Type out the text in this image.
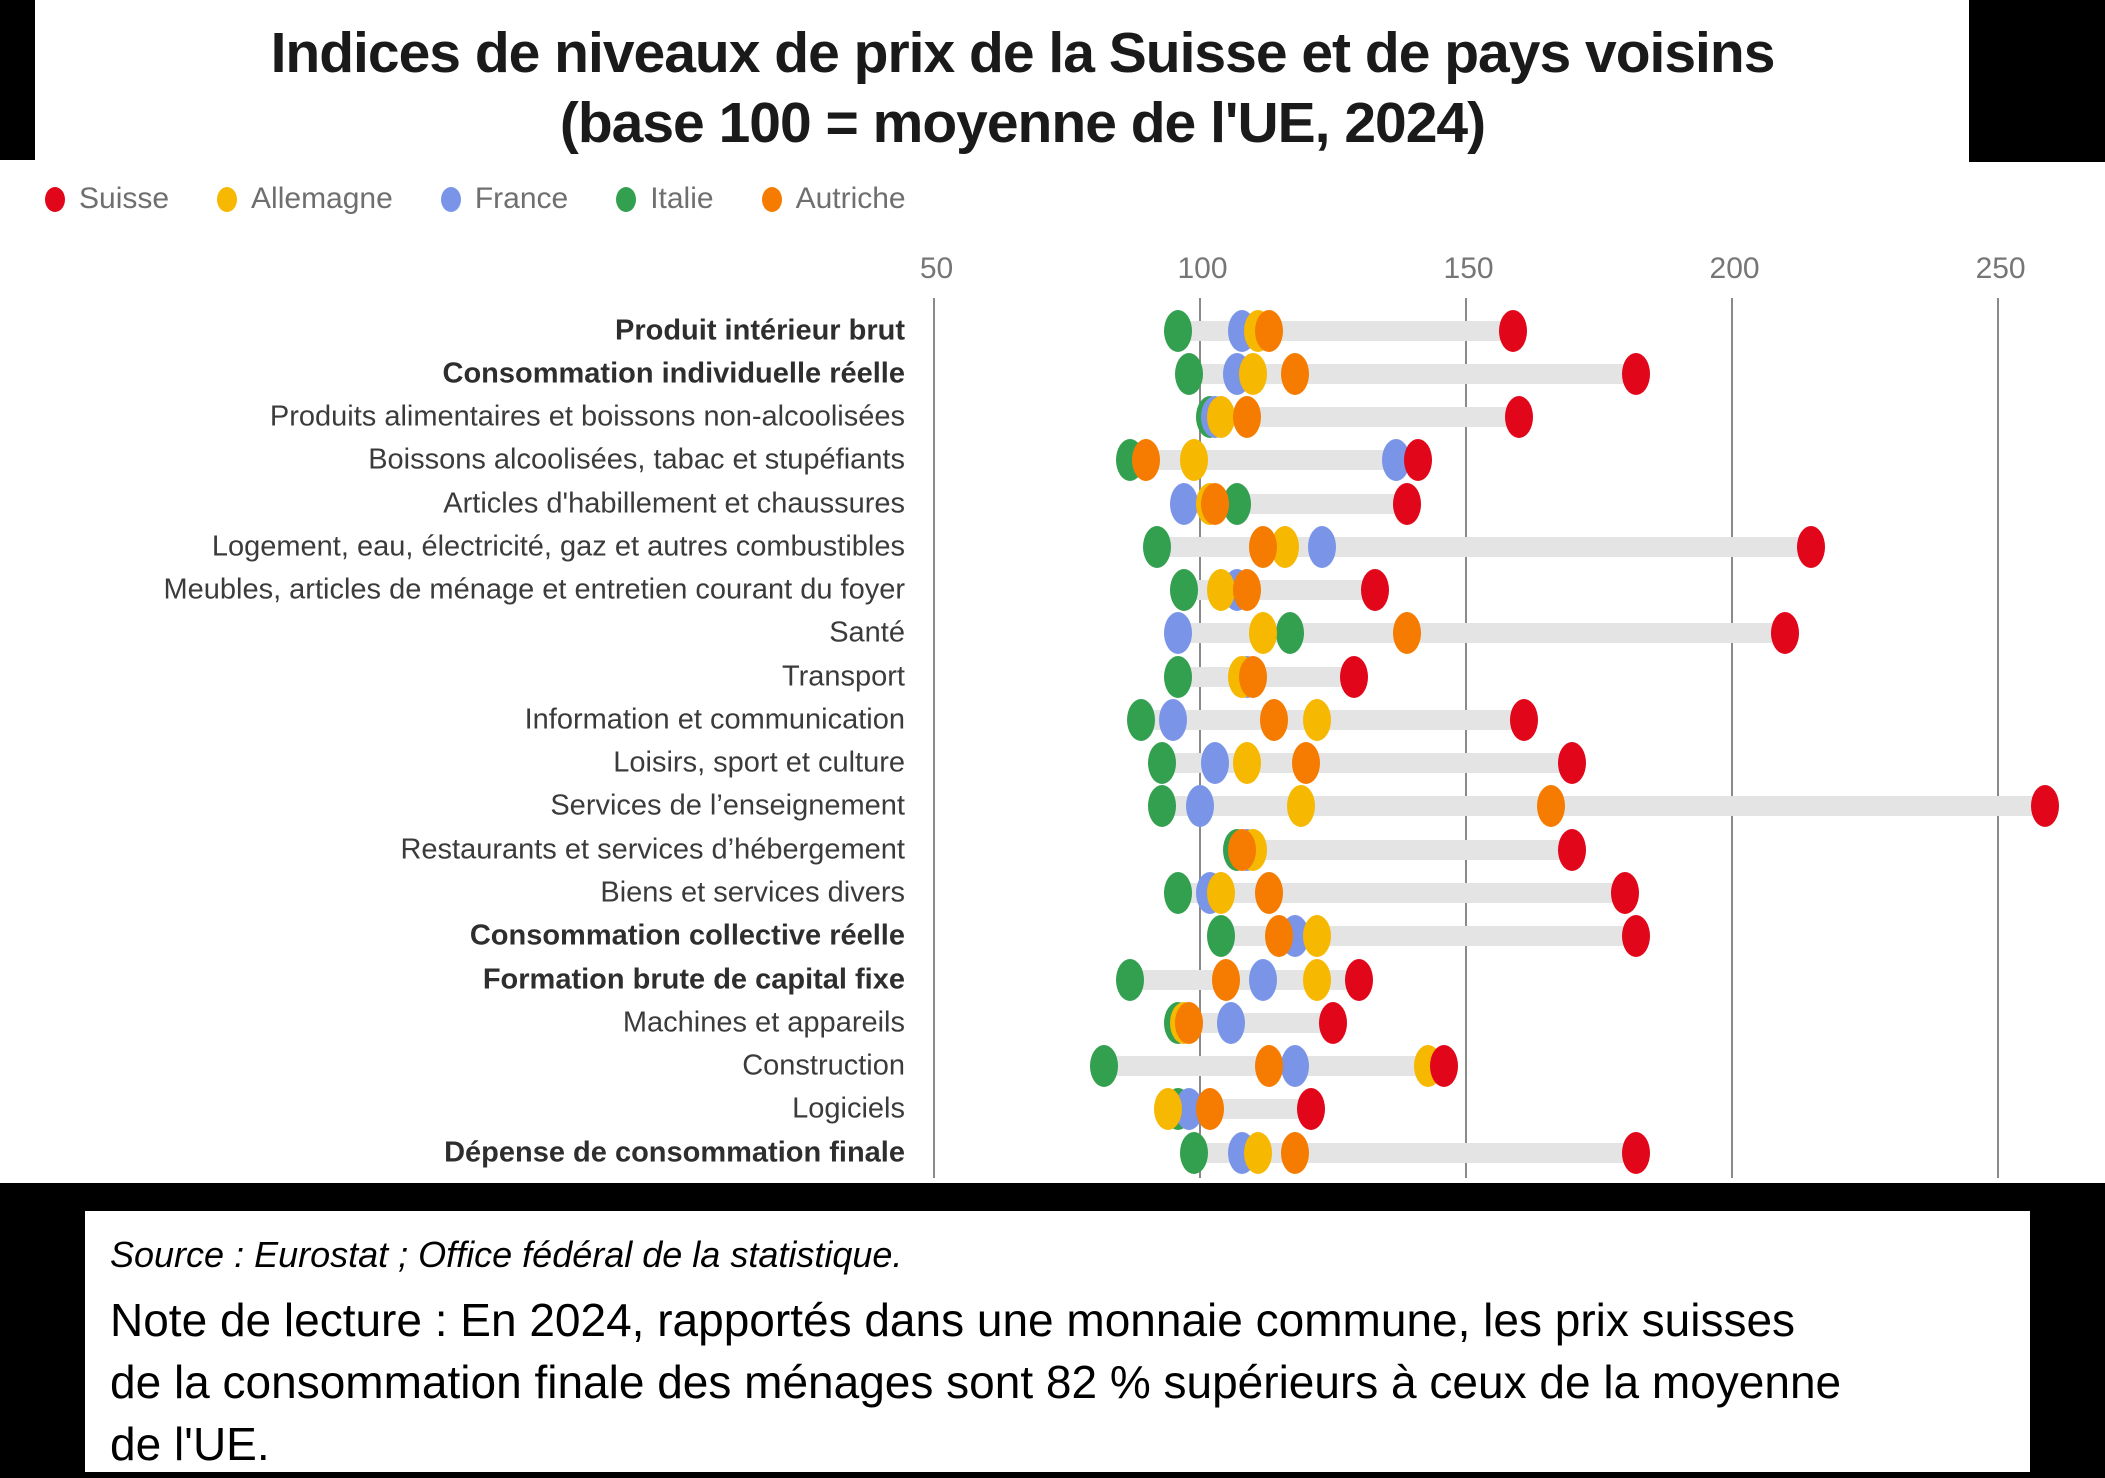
Indices de niveaux de prix de la Suisse et de pays voisins
(base 100 = moyenne de l'UE, 2024)
Suisse	Allemagne	France	Italie	Autriche
50	100	150	200	250
Produit intérieur brut
Consommation individuelle réelle
Produits alimentaires et boissons non-alcoolisées
Boissons alcoolisées, tabac et stupéfiants
Articles d'habillement et chaussures
Logement, eau, électricité, gaz et autres combustibles
Meubles, articles de ménage et entretien courant du foyer
Santé
Transport
Information et communication
Loisirs, sport et culture
Services de l’enseignement
Restaurants et services d’hébergement
Biens et services divers
Consommation collective réelle
Formation brute de capital fixe
Machines et appareils
Construction
Logiciels
Dépense de consommation finale

Source : Eurostat ; Office fédéral de la statistique.

Note de lecture : En 2024, rapportés dans une monnaie commune, les prix suisses
de la consommation finale des ménages sont 82 % supérieurs à ceux de la moyenne
de l'UE.
